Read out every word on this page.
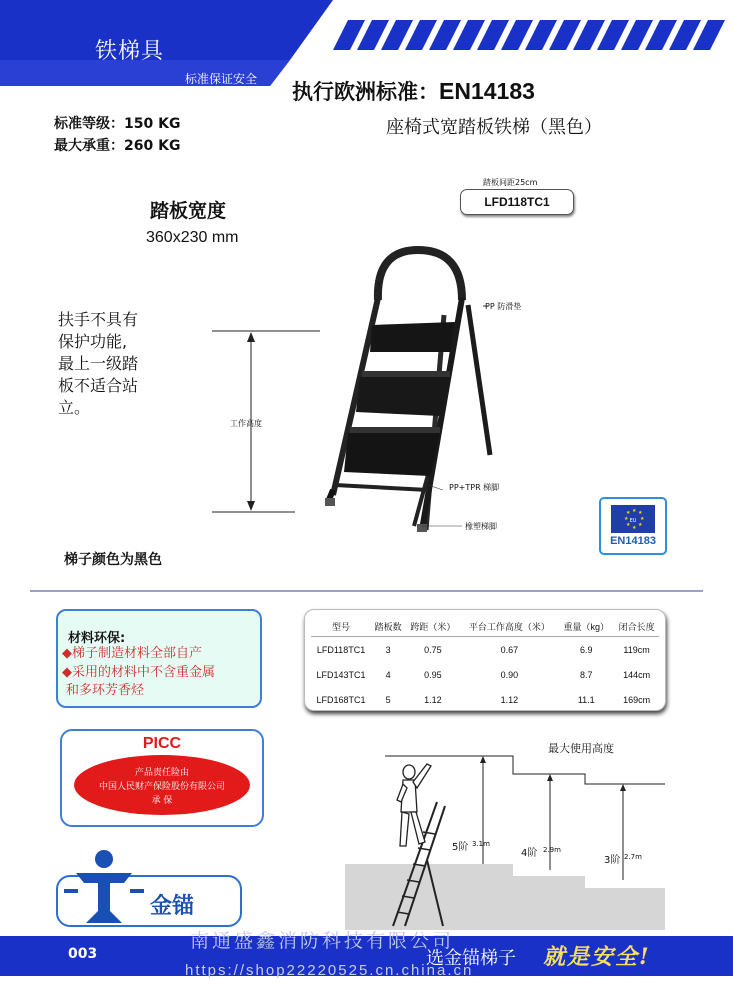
铁梯具
标准保证安全
执行欧洲标准：EN14183
标准等级：150 KG
最大承重：260 KG
座椅式宽踏板铁梯（黑色）
踏板宽度
360x230 mm
扶手不具有
保护功能,
最上一级踏
板不适合站
立。
踏板间距25cm
LFD118TC1
PP 防滑垫
工作高度
PP+TPR 梯脚
橡塑梯脚
★ ★
★
★
★
★
★
★
EU
EN14183
梯子颜色为黑色
材料环保:
◆梯子制造材料全部自产
◆采用的材料中不含重金属
和多环芳香烃
型号	踏板数	跨距（米）	平台工作高度（米）	重量（kg）	闭合长度
LFD118TC1	3	0.75	0.67	6.9	119cm
LFD143TC1	4	0.95	0.90	8.7	144cm
LFD168TC1	5	1.12	1.12	11.1	169cm
PICC
产品责任险由
中国人民财产保险股份有限公司
承 保
金锚
最大使用高度
5阶 3.1m
4阶 2.9m
3阶 2.7m
南通盛鑫消防科技有限公司
003	选金锚梯子 就是安全!
https://shop22220525.cn.china.cn
